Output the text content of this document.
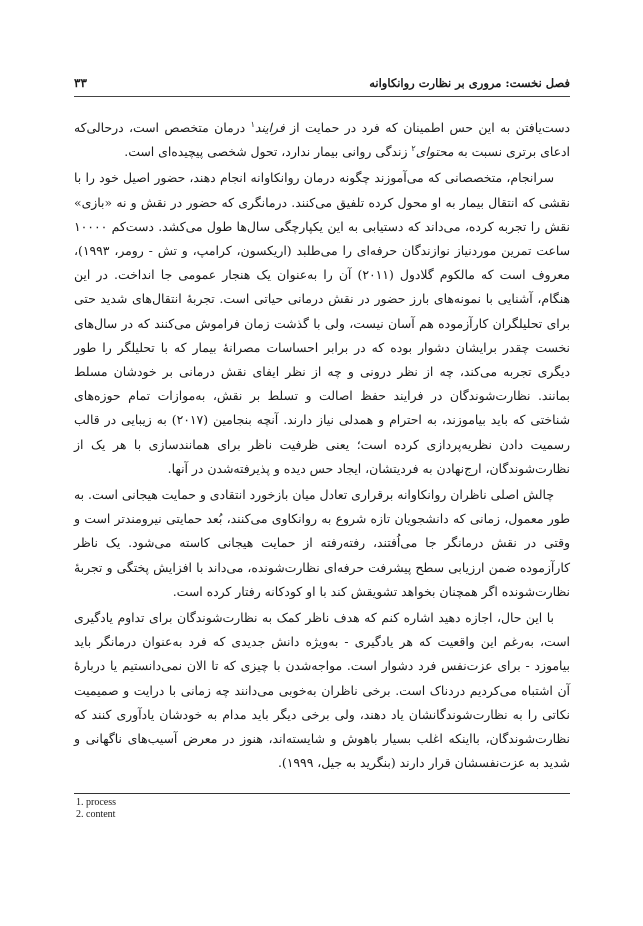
فصل نخست: مروری بر نظارت روانکاوانه
۳۳

دست‌یافتن به این حس اطمینان که فرد در حمایت از فرایند$^۱$ درمان متخصص است، درحالی‌که ادعای برتری نسبت به محتوای$^۲$ زندگی روانی بیمار ندارد، تحول شخصی پیچیده‌ای است.

سرانجام، متخصصانی که می‌آموزند چگونه درمان روانکاوانه انجام دهند، حضور اصیل خود را با نقشی که انتقال بیمار به او محول کرده تلفیق می‌کنند. درمانگری که حضور در نقش و نه «بازی» نقش را تجربه کرده، می‌داند که دستیابی به این یکپارچگی سال‌ها طول می‌کشد. دست‌کم ۱۰۰۰۰ ساعت تمرین موردنیاز نوازندگان حرفه‌ای را می‌طلبد (اریکسون، کرامپ، و تش - رومر، ۱۹۹۳)، معروف است که مالکوم گلادول (۲۰۱۱) آن را به‌عنوان یک هنجار عمومی جا انداخت. در این هنگام، آشنایی با نمونه‌های بارز حضور در نقش درمانی حیاتی است. تجربهٔ انتقال‌های شدید حتی برای تحلیلگران کارآزموده هم آسان نیست، ولی با گذشت زمان فراموش می‌کنند که در سال‌های نخست چقدر برایشان دشوار بوده که در برابر احساسات مصرانهٔ بیمار که با تحلیلگر را طور دیگری تجربه می‌کند، چه از نظر درونی و چه از نظر ایفای نقش درمانی بر خودشان مسلط بمانند. نظارت‌شوندگان در فرایند حفظ اصالت و تسلط بر نقش، به‌موازات تمام حوزه‌های شناختی که باید بیاموزند، به احترام و همدلی نیاز دارند. آنچه بنجامین (۲۰۱۷) به زیبایی در قالب رسمیت دادن نظریه‌پردازی کرده است؛ یعنی ظرفیت ناظر برای همانندسازی با هر یک از نظارت‌شوندگان، ارج‌نهادن به فردیتشان، ایجاد حس دیده و پذیرفته‌شدن در آنها.

چالش اصلی ناظران روانکاوانه برقراری تعادل میان بازخورد انتقادی و حمایت هیجانی است. به طور معمول، زمانی که دانشجویان تازه شروع به روانکاوی می‌کنند، بُعد حمایتی نیرومندتر است و وقتی در نقش درمانگر جا می‌اُفتند، رفته‌رفته از حمایت هیجانی کاسته می‌شود. یک ناظر کارآزموده ضمن ارزیابی سطح پیشرفت حرفه‌ای نظارت‌شونده، می‌داند با افزایش پختگی و تجربهٔ نظارت‌شونده اگر همچنان بخواهد تشویقش کند با او کودکانه رفتار کرده است.

با این حال، اجازه دهید اشاره کنم که هدف ناظر کمک به نظارت‌شوندگان برای تداوم یادگیری است، به‌رغم این واقعیت که هر یادگیری - به‌ویژه دانش جدیدی که فرد به‌عنوان درمانگر باید بیاموزد - برای عزت‌نفس فرد دشوار است. مواجه‌شدن با چیزی که تا الان نمی‌دانستیم یا دربارهٔ آن اشتباه می‌کردیم دردناک است. برخی ناظران به‌خوبی می‌دانند چه زمانی با درایت و صمیمیت نکاتی را به نظارت‌شوندگانشان یاد دهند، ولی برخی دیگر باید مدام به خودشان یادآوری کنند که نظارت‌شوندگان، بااینکه اغلب بسیار باهوش و شایسته‌اند، هنوز در معرض آسیب‌های ناگهانی و شدید به عزت‌نفسشان قرار دارند (بنگرید به جیل، ۱۹۹۹).

1. process
2. content
